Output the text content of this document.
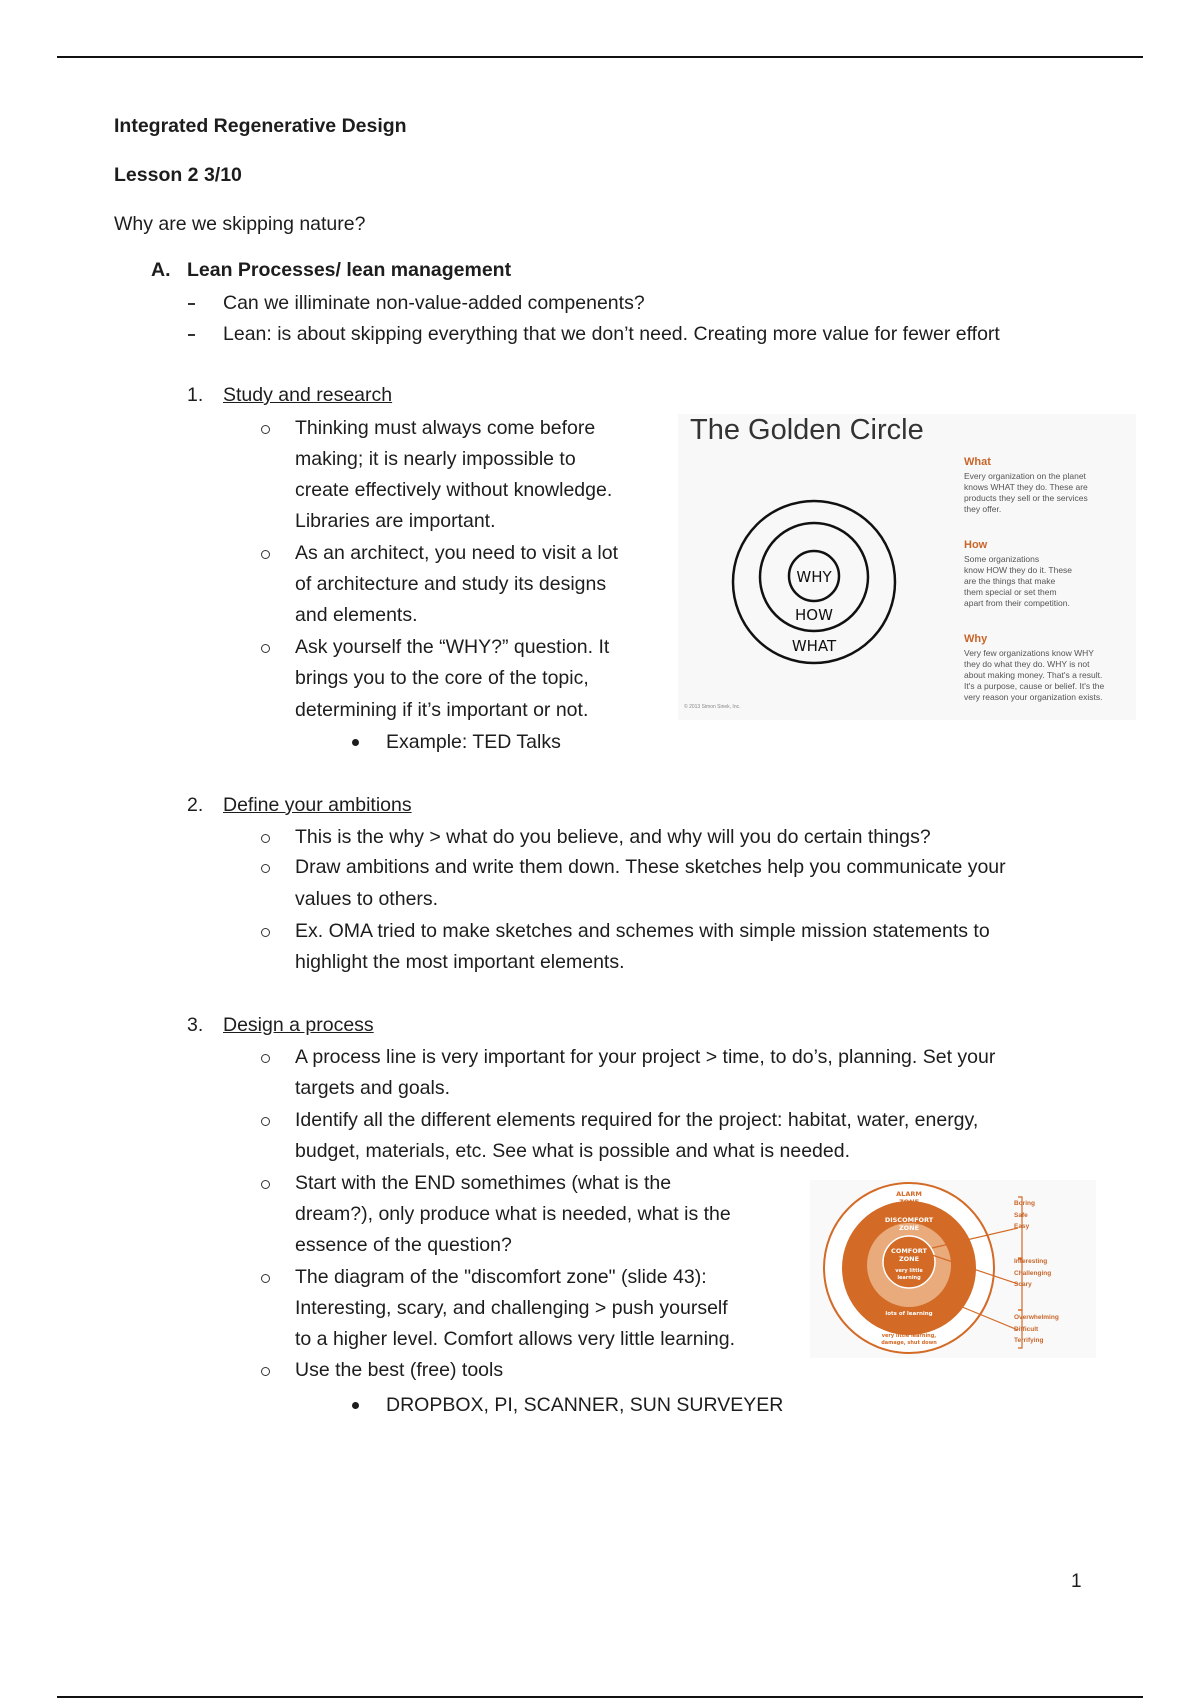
Integrated Regenerative Design
Lesson 2 3/10
Why are we skipping nature?
A. Lean Processes/ lean management
Can we illiminate non-value-added compenents?
Lean: is about skipping everything that we don’t need. Creating more value for fewer effort
1. Study and research
Thinking must always come before
making; it is nearly impossible to
create effectively without knowledge.
Libraries are important.
As an architect, you need to visit a lot
of architecture and study its designs
and elements.
Ask yourself the “WHY?” question. It
brings you to the core of the topic,
determining if it’s important or not.
Example: TED Talks
The Golden Circle
WHY
HOW
WHAT
What
Every organization on the planet
knows WHAT they do. These are
products they sell or the services
they offer.
How
Some organizations
know HOW they do it. These
are the things that make
them special or set them
apart from their competition.
Why
Very few organizations know WHY
they do what they do. WHY is not
about making money. That's a result.
It's a purpose, cause or belief. It's the
very reason your organization exists.
© 2013 Simon Sinek, Inc.
2. Define your ambitions
This is the why > what do you believe, and why will you do certain things?
Draw ambitions and write them down. These sketches help you communicate your
values to others.
Ex. OMA tried to make sketches and schemes with simple mission statements to
highlight the most important elements.
3. Design a process
A process line is very important for your project > time, to do’s, planning. Set your
targets and goals.
Identify all the different elements required for the project: habitat, water, energy,
budget, materials, etc. See what is possible and what is needed.
Start with the END somethimes (what is the
dream?), only produce what is needed, what is the
essence of the question?
The diagram of the "discomfort zone" (slide 43):
Interesting, scary, and challenging > push yourself
to a higher level. Comfort allows very little learning.
Use the best (free) tools
DROPBOX, PI, SCANNER, SUN SURVEYER
ALARM
ZONE
DISCOMFORT
ZONE
COMFORT
ZONE
very little
learning
lots of learning
very little learning,
damage, shut down
Boring
Safe
Easy
Interesting
Challenging
Scary
Overwhelming
Difficult
Terrifying
1
